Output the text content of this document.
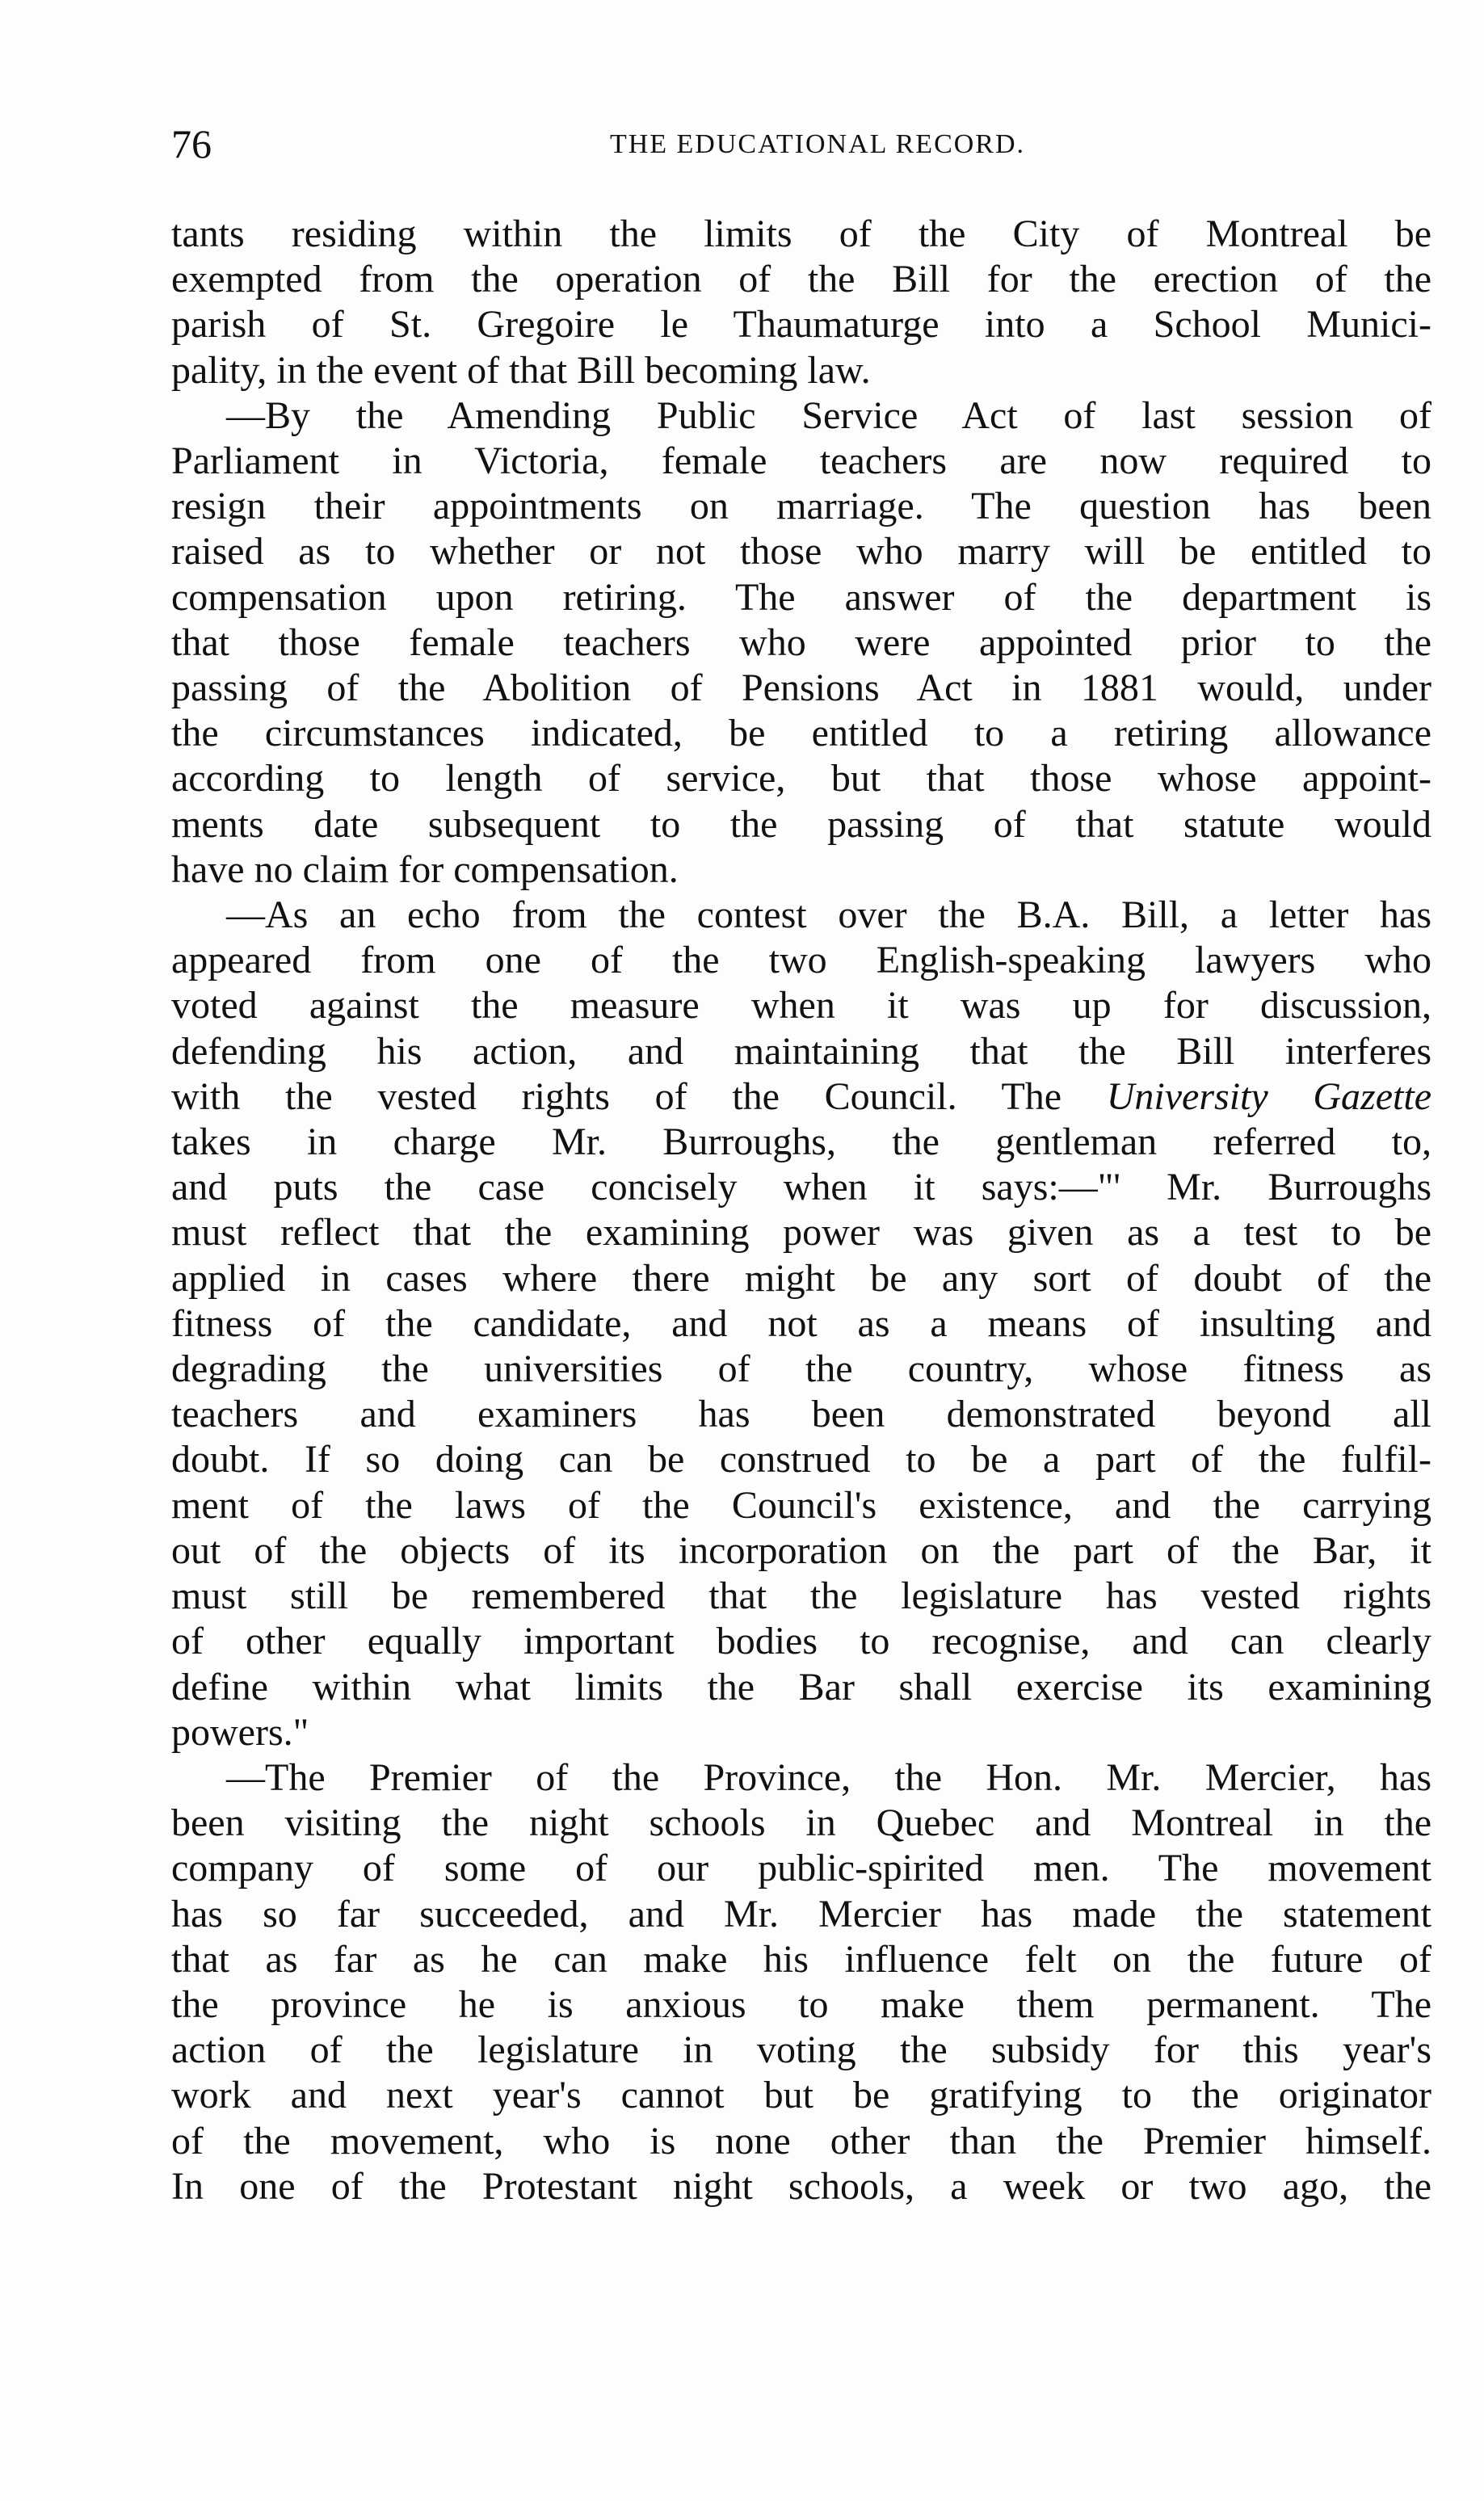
76	THE EDUCATIONAL RECORD.

tants residing within the limits of the City of Montreal be
exempted from the operation of the Bill for the erection of the
parish of St. Gregoire le Thaumaturge into a School Munici-
pality, in the event of that Bill becoming law.

—By the Amending Public Service Act of last session of
Parliament in Victoria, female teachers are now required to
resign their appointments on marriage. The question has been
raised as to whether or not those who marry will be entitled to
compensation upon retiring. The answer of the department is
that those female teachers who were appointed prior to the
passing of the Abolition of Pensions Act in 1881 would, under
the circumstances indicated, be entitled to a retiring allowance
according to length of service, but that those whose appoint-
ments date subsequent to the passing of that statute would
have no claim for compensation.

—As an echo from the contest over the B.A. Bill, a letter has
appeared from one of the two English-speaking lawyers who
voted against the measure when it was up for discussion,
defending his action, and maintaining that the Bill interferes
with the vested rights of the Council. The University Gazette
takes in charge Mr. Burroughs, the gentleman referred to,
and puts the case concisely when it says:—"' Mr. Burroughs
must reflect that the examining power was given as a test to be
applied in cases where there might be any sort of doubt of the
fitness of the candidate, and not as a means of insulting and
degrading the universities of the country, whose fitness as
teachers and examiners has been demonstrated beyond all
doubt. If so doing can be construed to be a part of the fulfil-
ment of the laws of the Council's existence, and the carrying
out of the objects of its incorporation on the part of the Bar, it
must still be remembered that the legislature has vested rights
of other equally important bodies to recognise, and can clearly
define within what limits the Bar shall exercise its examining
powers."

—The Premier of the Province, the Hon. Mr. Mercier, has
been visiting the night schools in Quebec and Montreal in the
company of some of our public-spirited men. The movement
has so far succeeded, and Mr. Mercier has made the statement
that as far as he can make his influence felt on the future of
the province he is anxious to make them permanent. The
action of the legislature in voting the subsidy for this year's
work and next year's cannot but be gratifying to the originator
of the movement, who is none other than the Premier himself.
In one of the Protestant night schools, a week or two ago, the
